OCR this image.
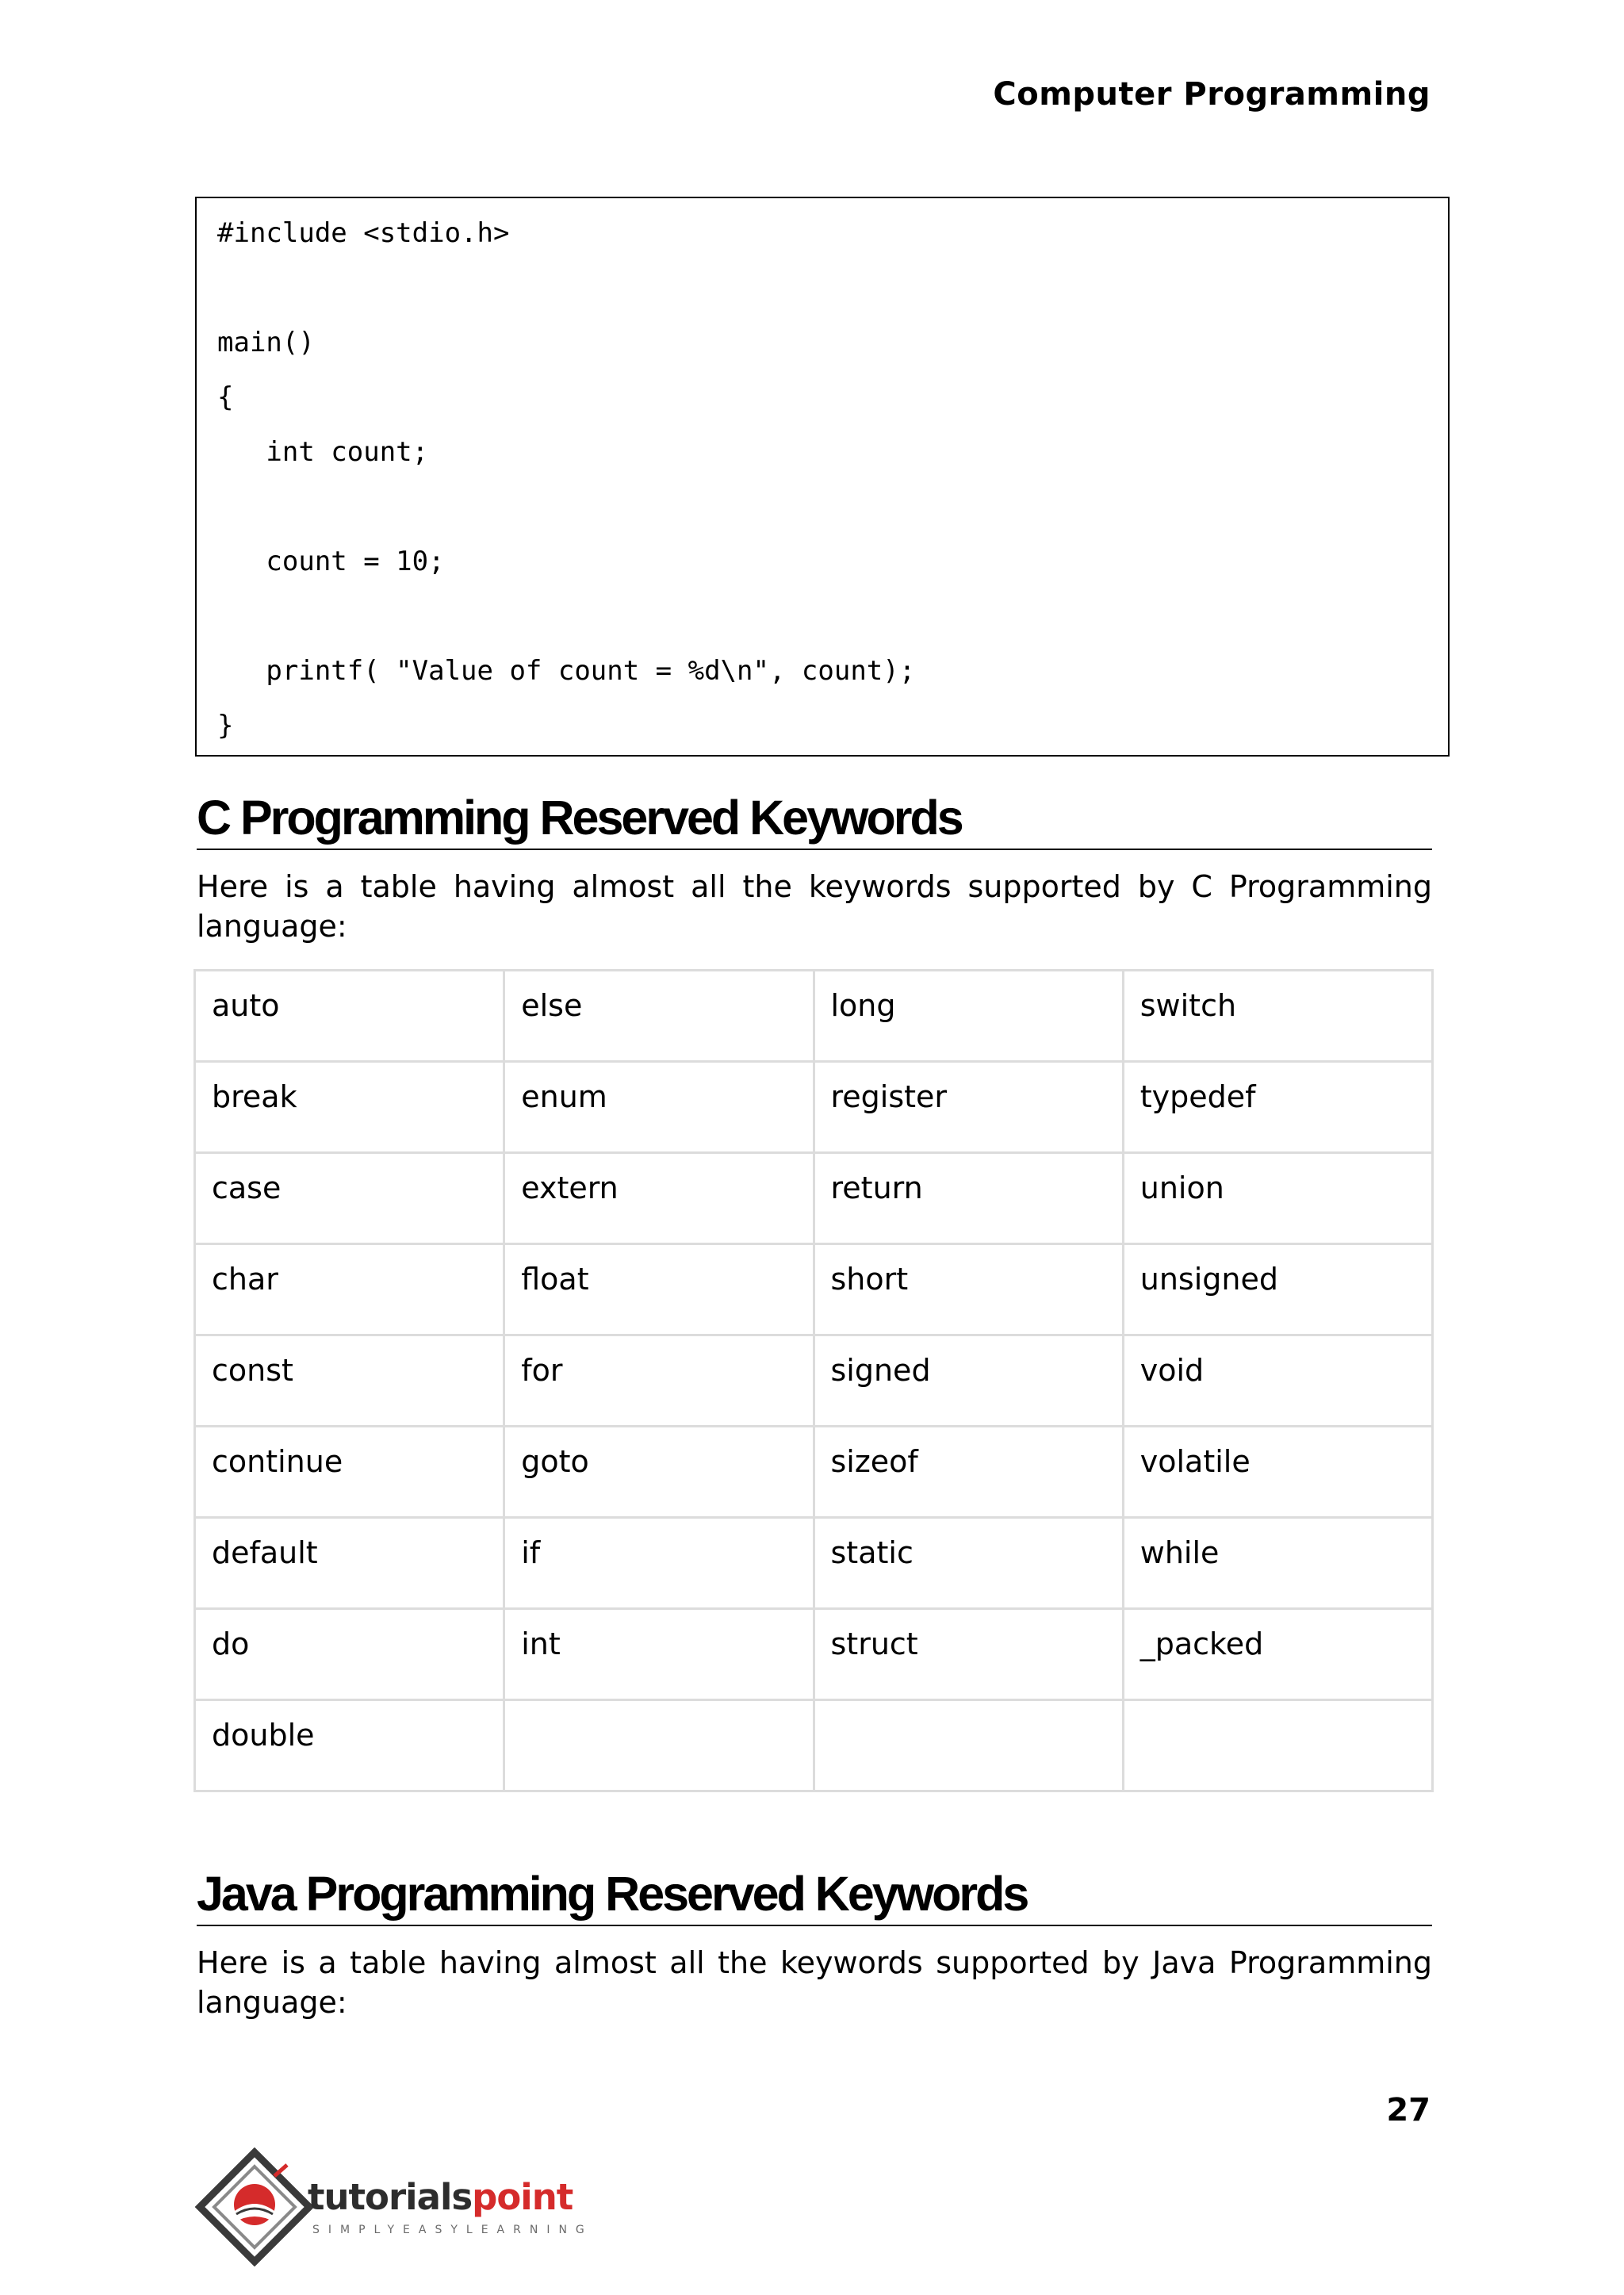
Computer Programming
#include <stdio.h>
main()
{
int count;
count = 10;
printf( "Value of count = %d\n", count);
}
C Programming Reserved Keywords
Here is a table having almost all the keywords supported by C Programming language:
auto	else	long	switch
break	enum	register	typedef
case	extern	return	union
char	float	short	unsigned
const	for	signed	void
continue	goto	sizeof	volatile
default	if	static	while
do	int	struct	_packed
double			
Java Programming Reserved Keywords
Here is a table having almost all the keywords supported by Java Programming language:
27
tutorialspoint
SIMPLYEASYLEARNING
